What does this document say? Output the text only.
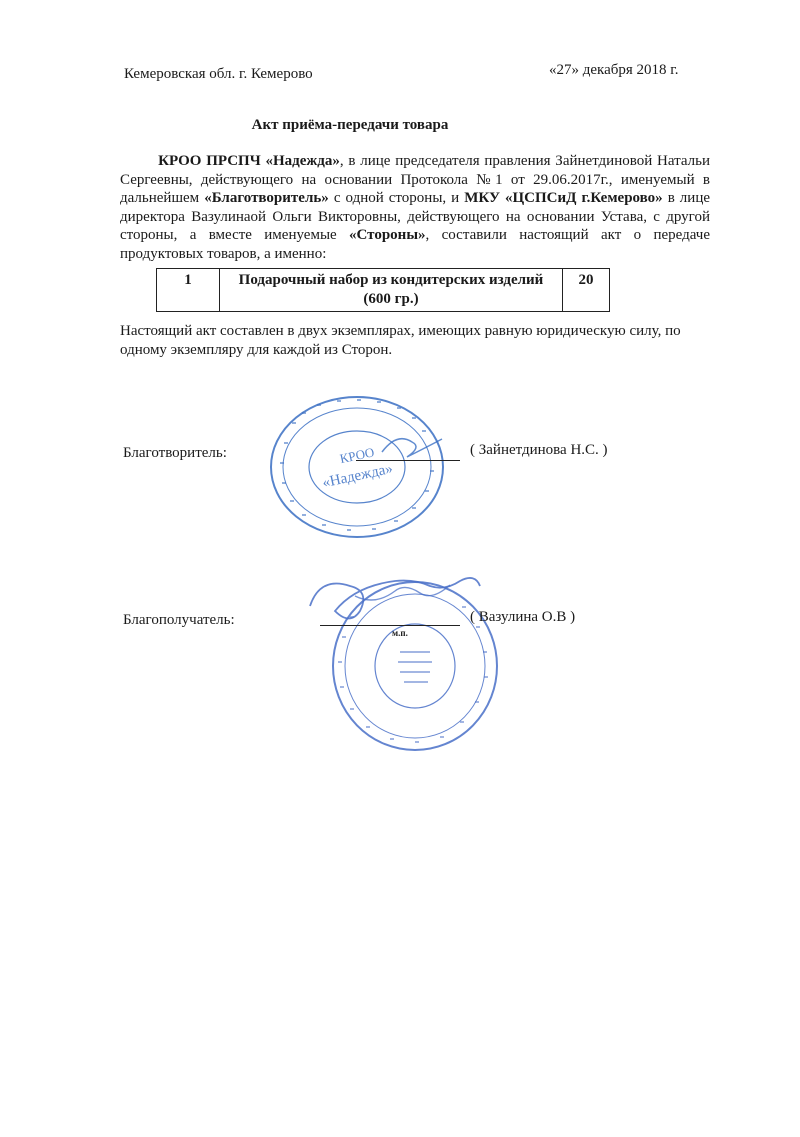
Кемеровская обл. г. Кемерово	«27» декабря 2018 г.
Акт приёма-передачи товара
КРОО ПРСПЧ «Надежда», в лице председателя правления Зайнетдиновой Натальи Сергеевны, действующего на основании Протокола №1 от 29.06.2017г., именуемый в дальнейшем «Благотворитель» с одной стороны, и МКУ «ЦСПСиД г.Кемерово» в лице директора Вазулинаой Ольги Викторовны, действующего на основании Устава, с другой стороны, а вместе именуемые «Стороны», составили настоящий акт о передаче продуктовых товаров, а именно:
1	Подарочный набор из кондитерских изделий (600 гр.)	20
Настоящий акт составлен в двух экземплярах, имеющих равную юридическую силу, по одному экземпляру для каждой из Сторон.
КРОО
«Надежда»
Благотворитель:	( Зайнетдинова Н.С. )
Благополучатель:	( Вазулина О.В )
м.п.
